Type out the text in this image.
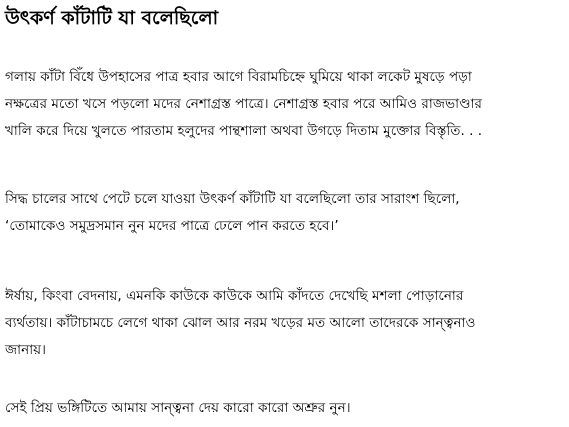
উৎকর্ণ কাঁটাটি যা বলেছিলো

গলায় কাঁটা বিঁধে উপহাসের পাত্র হবার আগে বিরামচিহ্নে ঘুমিয়ে থাকা লকেট মুষড়ে পড়া
নক্ষত্রের মতো খসে পড়লো মদের নেশাগ্রস্ত পাত্রে। নেশাগ্রস্ত হবার পরে আমিও রাজভাণ্ডার
খালি করে দিয়ে খুলতে পারতাম হলুদের পান্থশালা অথবা উগড়ে দিতাম মুক্তোর বিস্তৃতি. . .

সিদ্ধ চালের সাথে পেটে চলে যাওয়া উৎকর্ণ কাঁটাটি যা বলেছিলো তার সারাংশ ছিলো,
‘তোমাকেও সমুদ্রসমান নুন মদের পাত্রে ঢেলে পান করতে হবে।’

ঈর্ষায়, কিংবা বেদনায়, এমনকি কাউকে কাউকে আমি কাঁদতে দেখেছি মশলা পোড়ানোর
ব্যর্থতায়। কাঁটাচামচে লেগে থাকা ঝোল আর নরম খড়ের মত আলো তাদেরকে সান্ত্বনাও
জানায়।

সেই প্রিয় ভঙ্গিটিতে আমায় সান্ত্বনা দেয় কারো কারো অশ্রুর নুন।
